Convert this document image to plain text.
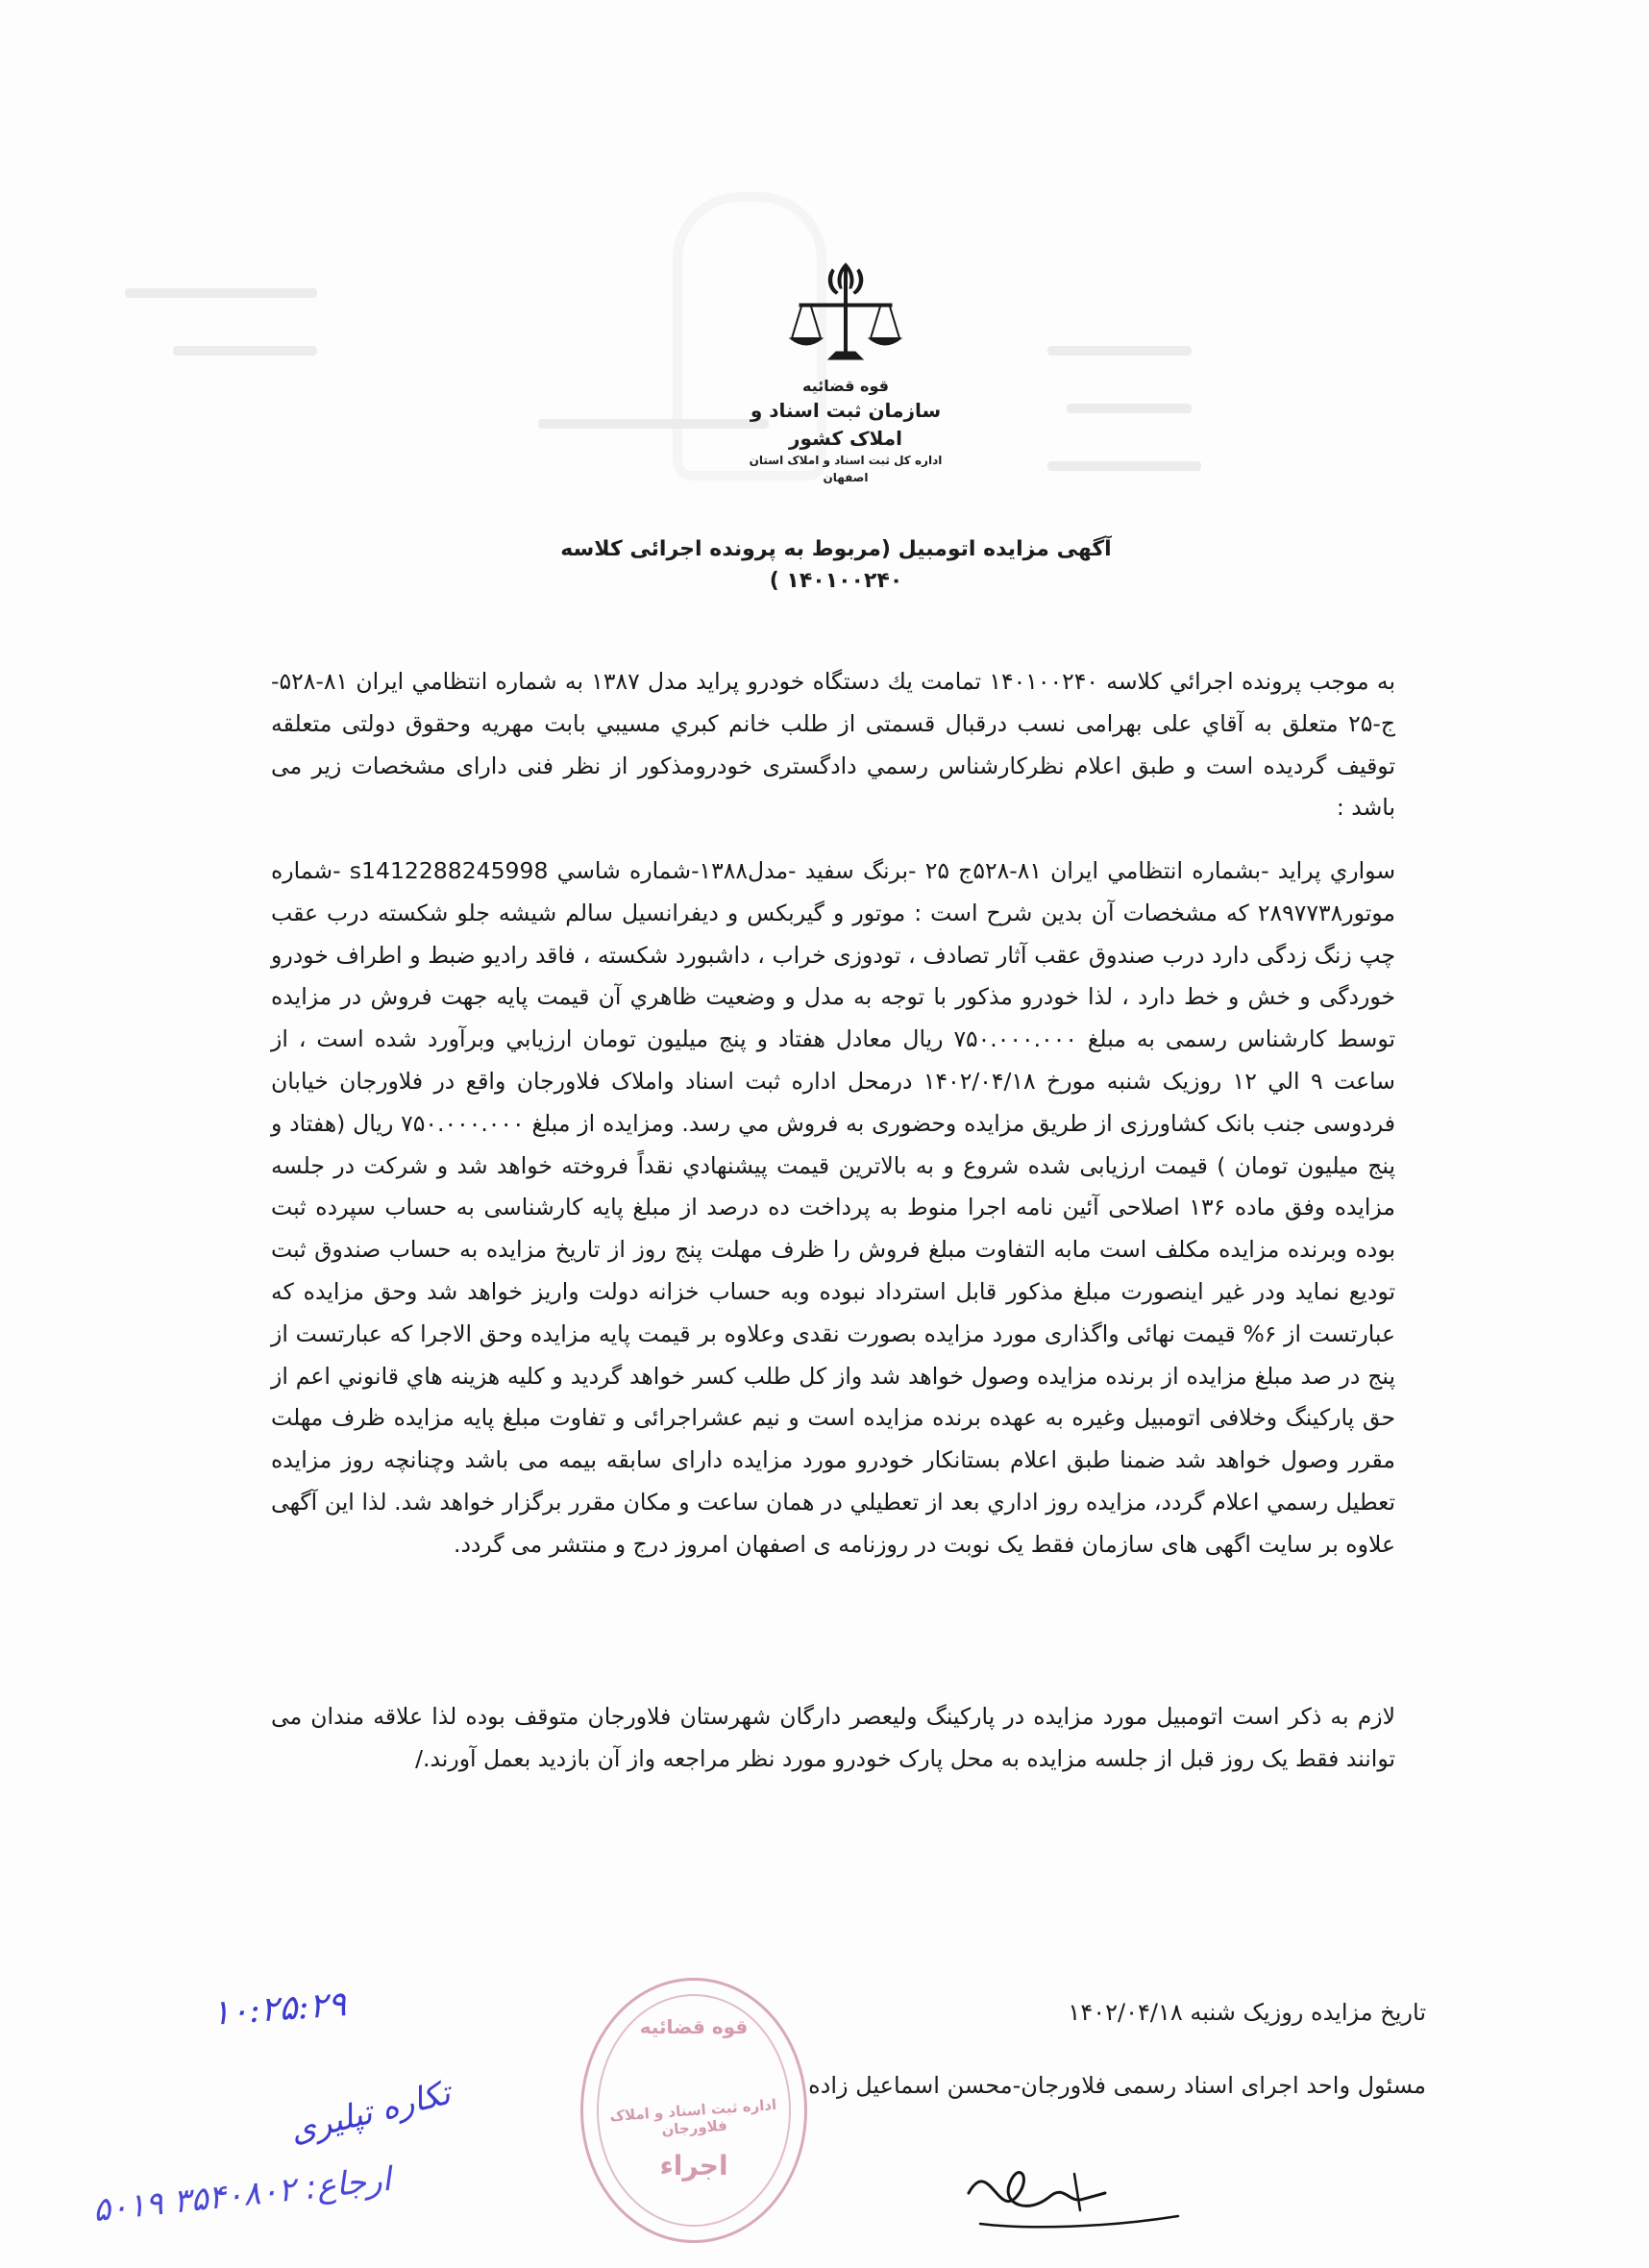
قوه قضائیه
سازمان ثبت اسناد و املاک کشور
اداره کل ثبت اسناد و املاک استان اصفهان
آگهی مزایده اتومبیل (مربوط به پرونده اجرائی کلاسه ۱۴۰۱۰۰۲۴۰ )
به موجب پرونده اجرائي كلاسه ۱۴۰۱۰۰۲۴۰ تمامت يك دستگاه خودرو پرايد مدل ۱۳۸۷ به شماره انتظامي ايران ۸۱-۵۲۸-ج-۲۵ متعلق به آقاي علی بهرامی نسب درقبال قسمتی از طلب خانم كبري مسيبي بابت مهريه وحقوق دولتی متعلقه توقيف گرديده است و طبق اعلام نظركارشناس رسمي دادگستری خودرومذكور از نظر فنی دارای مشخصات زير می باشد :
سواري پرايد -بشماره انتظامي ايران ۸۱-۵۲۸ج ۲۵ -برنگ سفيد -مدل۱۳۸۸-شماره شاسي s1412288245998 -شماره موتور۲۸۹۷۷۳۸ كه مشخصات آن بدين شرح است : موتور و گيربكس و ديفرانسيل سالم شيشه جلو شكسته درب عقب چپ زنگ زدگی دارد درب صندوق عقب آثار تصادف ، تودوزی خراب ، داشبورد شكسته ، فاقد راديو ضبط و اطراف خودرو خوردگی و خش و خط دارد ، لذا خودرو مذكور با توجه به مدل و وضعيت ظاهري آن قيمت پايه جهت فروش در مزايده توسط كارشناس رسمی به مبلغ ۷۵۰.۰۰۰.۰۰۰ ريال معادل هفتاد و پنج ميليون تومان ارزيابي وبرآورد شده است ، از ساعت ۹ الي ۱۲ روزيک شنبه مورخ ۱۴۰۲/۰۴/۱۸ درمحل اداره ثبت اسناد واملاک فلاورجان واقع در فلاورجان خيابان فردوسی جنب بانک کشاورزی از طريق مزايده وحضوری به فروش مي رسد. ومزايده از مبلغ ۷۵۰.۰۰۰.۰۰۰ ريال (هفتاد و پنج ميليون تومان ) قيمت ارزيابی شده شروع و به بالاترين قيمت پيشنهادي نقداً فروخته خواهد شد و شركت در جلسه مزايده وفق ماده ۱۳۶ اصلاحی آئين نامه اجرا منوط به پرداخت ده درصد از مبلغ پايه كارشناسی به حساب سپرده ثبت بوده وبرنده مزايده مكلف است مابه التفاوت مبلغ فروش را ظرف مهلت پنج روز از تاريخ مزايده به حساب صندوق ثبت توديع نمايد ودر غير اينصورت مبلغ مذكور قابل استرداد نبوده وبه حساب خزانه دولت واريز خواهد شد وحق مزايده كه عبارتست از ۶% قيمت نهائی واگذاری مورد مزايده بصورت نقدی وعلاوه بر قيمت پايه مزايده وحق الاجرا كه عبارتست از پنج در صد مبلغ مزايده از برنده مزايده وصول خواهد شد واز كل طلب كسر خواهد گرديد و كليه هزينه هاي قانوني اعم از حق پاركينگ وخلافی اتومبيل وغيره به عهده برنده مزايده است و نيم عشراجرائی و تفاوت مبلغ پايه مزايده ظرف مهلت مقرر وصول خواهد شد ضمنا طبق اعلام بستانكار خودرو مورد مزايده دارای سابقه بيمه می باشد وچنانچه روز مزايده تعطيل رسمي اعلام گردد، مزايده روز اداري بعد از تعطيلي در همان ساعت و مكان مقرر برگزار خواهد شد. لذا اين آگهی علاوه بر سايت اگهی های سازمان فقط يک نوبت در روزنامه ی اصفهان امروز درج و منتشر می گردد.
لازم به ذكر است اتومبيل مورد مزايده در پاركينگ وليعصر دارگان شهرستان فلاورجان متوقف بوده لذا علاقه مندان می توانند فقط يک روز قبل از جلسه مزايده به محل پارک خودرو مورد نظر مراجعه واز آن بازديد بعمل آورند./
تاريخ مزايده روزيک شنبه ۱۴۰۲/۰۴/۱۸
مسئول واحد اجرای اسناد رسمی فلاورجان-محسن اسماعيل زاده
قوه قضائیه
اداره ثبت اسناد و املاک فلاورجان
اجراء
۱۰:۲۵:۲۹
تکاره تپلیری
ارجاع: ۳۵۴۰۸۰۲ ۵۰۱۹
